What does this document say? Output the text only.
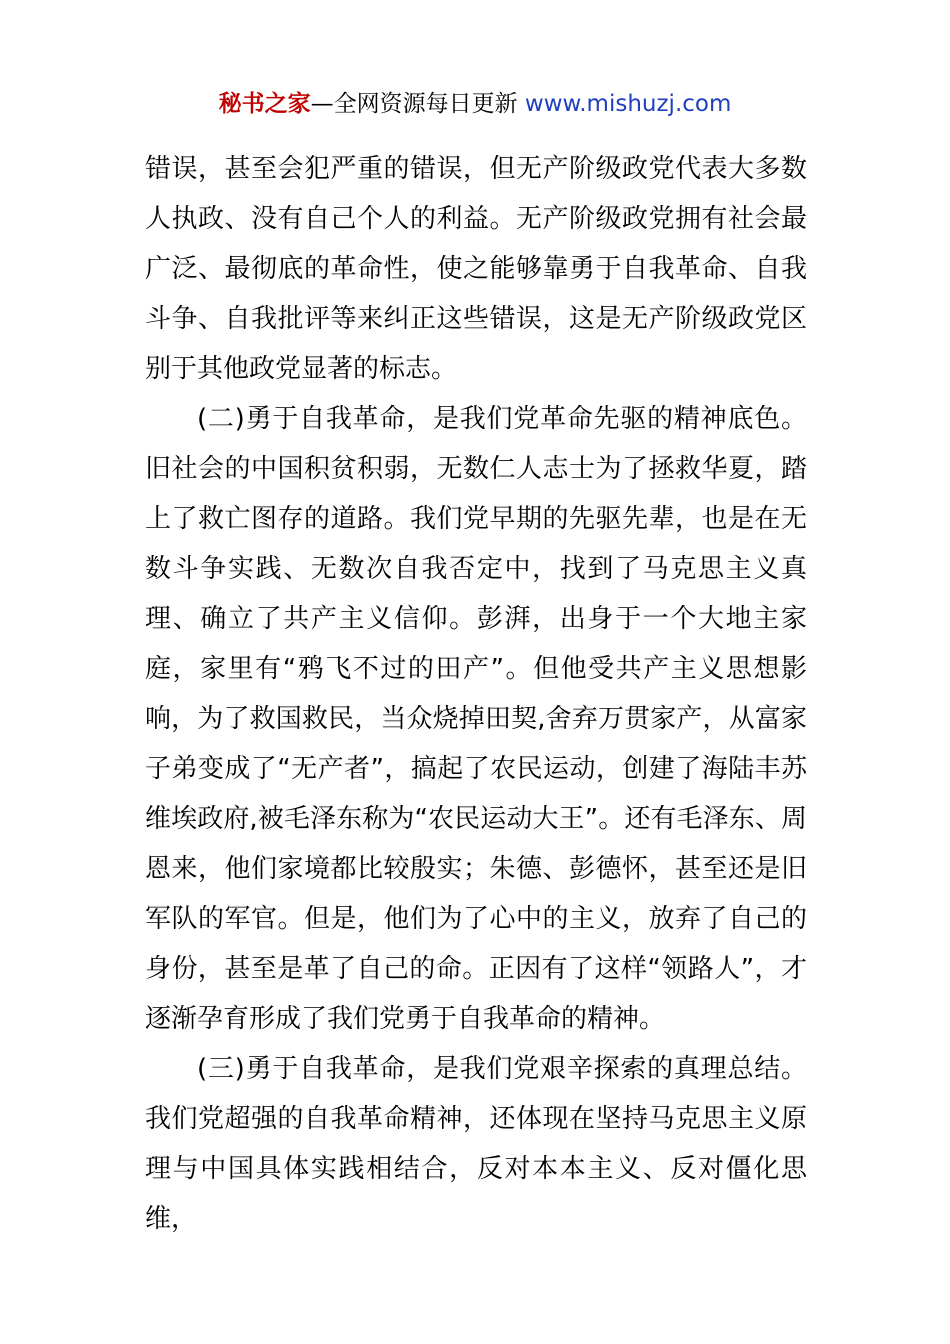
秘书之家—全网资源每日更新 www.mishuzj.com

错误，甚至会犯严重的错误，但无产阶级政党代表大多数人执政、没有自己个人的利益。无产阶级政党拥有社会最广泛、最彻底的革命性，使之能够靠勇于自我革命、自我斗争、自我批评等来纠正这些错误，这是无产阶级政党区别于其他政党显著的标志。

(二)勇于自我革命，是我们党革命先驱的精神底色。旧社会的中国积贫积弱，无数仁人志士为了拯救华夏，踏上了救亡图存的道路。我们党早期的先驱先辈，也是在无数斗争实践、无数次自我否定中，找到了马克思主义真理、确立了共产主义信仰。彭湃，出身于一个大地主家庭，家里有“鸦飞不过的田产”。但他受共产主义思想影响，为了救国救民，当众烧掉田契,舍弃万贯家产，从富家子弟变成了“无产者”，搞起了农民运动，创建了海陆丰苏维埃政府,被毛泽东称为“农民运动大王”。还有毛泽东、周恩来，他们家境都比较殷实；朱德、彭德怀，甚至还是旧军队的军官。但是，他们为了心中的主义，放弃了自己的身份，甚至是革了自己的命。正因有了这样“领路人”，才逐渐孕育形成了我们党勇于自我革命的精神。

(三)勇于自我革命，是我们党艰辛探索的真理总结。我们党超强的自我革命精神，还体现在坚持马克思主义原理与中国具体实践相结合，反对本本主义、反对僵化思维，
